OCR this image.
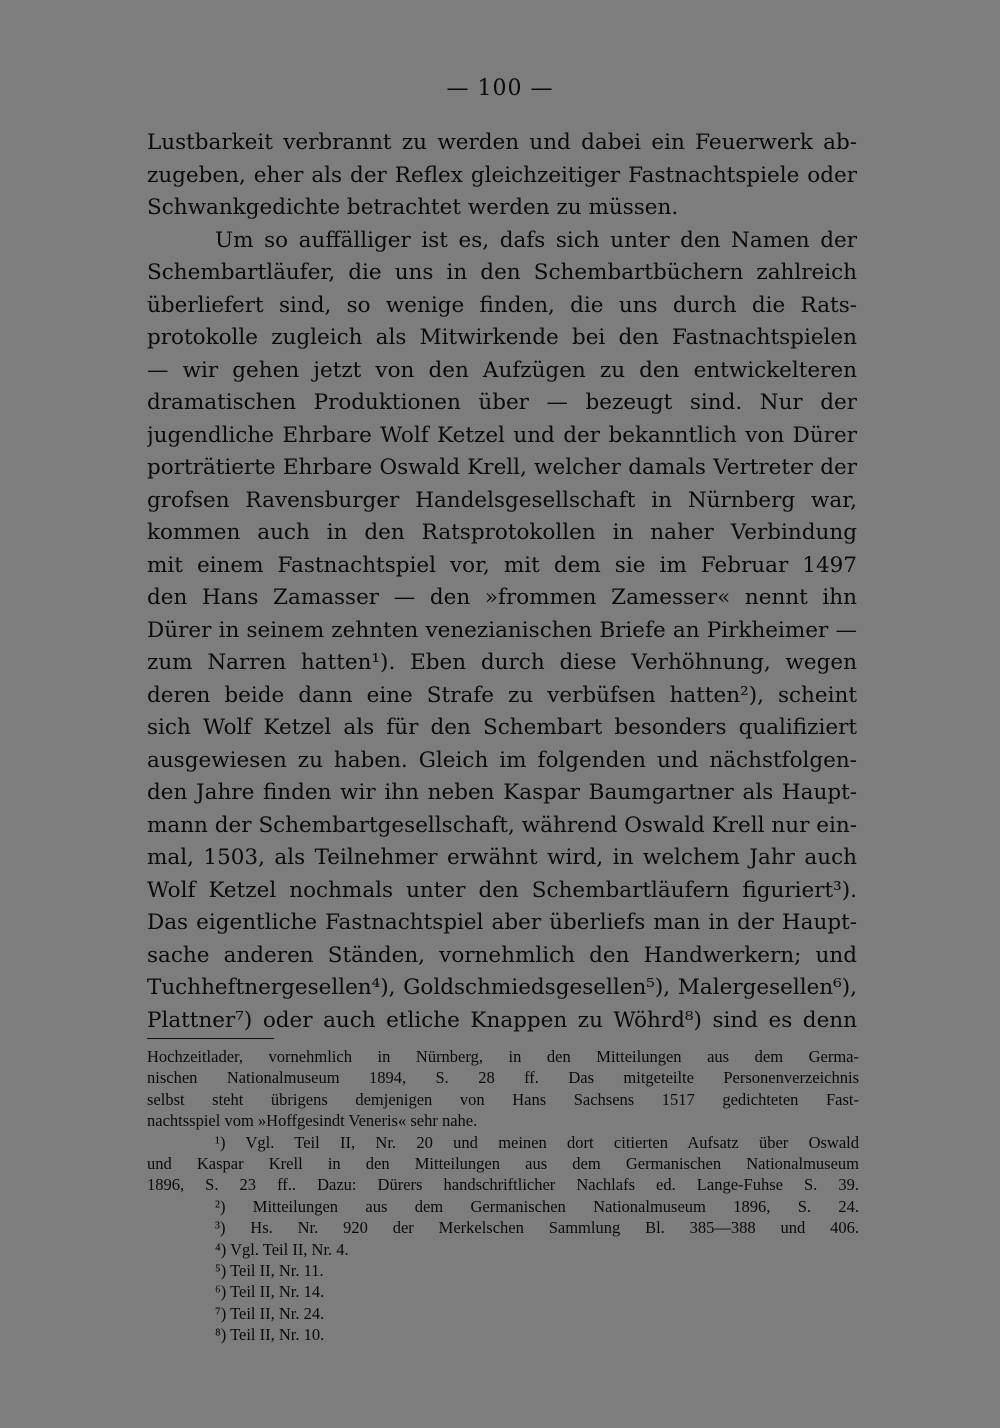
— 100 —
Lustbarkeit verbrannt zu werden und dabei ein Feuerwerk ab-
zugeben, eher als der Reflex gleichzeitiger Fastnachtspiele oder
Schwankgedichte betrachtet werden zu müssen.
Um so auffälliger ist es, dafs sich unter den Namen der
Schembartläufer, die uns in den Schembartbüchern zahlreich
überliefert sind, so wenige finden, die uns durch die Rats-
protokolle zugleich als Mitwirkende bei den Fastnachtspielen
— wir gehen jetzt von den Aufzügen zu den entwickelteren
dramatischen Produktionen über — bezeugt sind. Nur der
jugendliche Ehrbare Wolf Ketzel und der bekanntlich von Dürer
porträtierte Ehrbare Oswald Krell, welcher damals Vertreter der
grofsen Ravensburger Handelsgesellschaft in Nürnberg war,
kommen auch in den Ratsprotokollen in naher Verbindung
mit einem Fastnachtspiel vor, mit dem sie im Februar 1497
den Hans Zamasser — den »frommen Zamesser« nennt ihn
Dürer in seinem zehnten venezianischen Briefe an Pirkheimer —
zum Narren hatten¹). Eben durch diese Verhöhnung, wegen
deren beide dann eine Strafe zu verbüfsen hatten²), scheint
sich Wolf Ketzel als für den Schembart besonders qualifiziert
ausgewiesen zu haben. Gleich im folgenden und nächstfolgen-
den Jahre finden wir ihn neben Kaspar Baumgartner als Haupt-
mann der Schembartgesellschaft, während Oswald Krell nur ein-
mal, 1503, als Teilnehmer erwähnt wird, in welchem Jahr auch
Wolf Ketzel nochmals unter den Schembartläufern figuriert³).
Das eigentliche Fastnachtspiel aber überliefs man in der Haupt-
sache anderen Ständen, vornehmlich den Handwerkern; und
Tuchheftnergesellen⁴), Goldschmiedsgesellen⁵), Malergesellen⁶),
Plattner⁷) oder auch etliche Knappen zu Wöhrd⁸) sind es denn
Hochzeitlader, vornehmlich in Nürnberg, in den Mitteilungen aus dem Germa-
nischen Nationalmuseum 1894, S. 28 ff. Das mitgeteilte Personenverzeichnis
selbst steht übrigens demjenigen von Hans Sachsens 1517 gedichteten Fast-
nachtsspiel vom »Hoffgesindt Veneris« sehr nahe.
¹) Vgl. Teil II, Nr. 20 und meinen dort citierten Aufsatz über Oswald
und Kaspar Krell in den Mitteilungen aus dem Germanischen Nationalmuseum
1896, S. 23 ff.. Dazu: Dürers handschriftlicher Nachlafs ed. Lange-Fuhse S. 39.
²) Mitteilungen aus dem Germanischen Nationalmuseum 1896, S. 24.
³) Hs. Nr. 920 der Merkelschen Sammlung Bl. 385—388 und 406.
⁴) Vgl. Teil II, Nr. 4.
⁵) Teil II, Nr. 11.
⁶) Teil II, Nr. 14.
⁷) Teil II, Nr. 24.
⁸) Teil II, Nr. 10.
